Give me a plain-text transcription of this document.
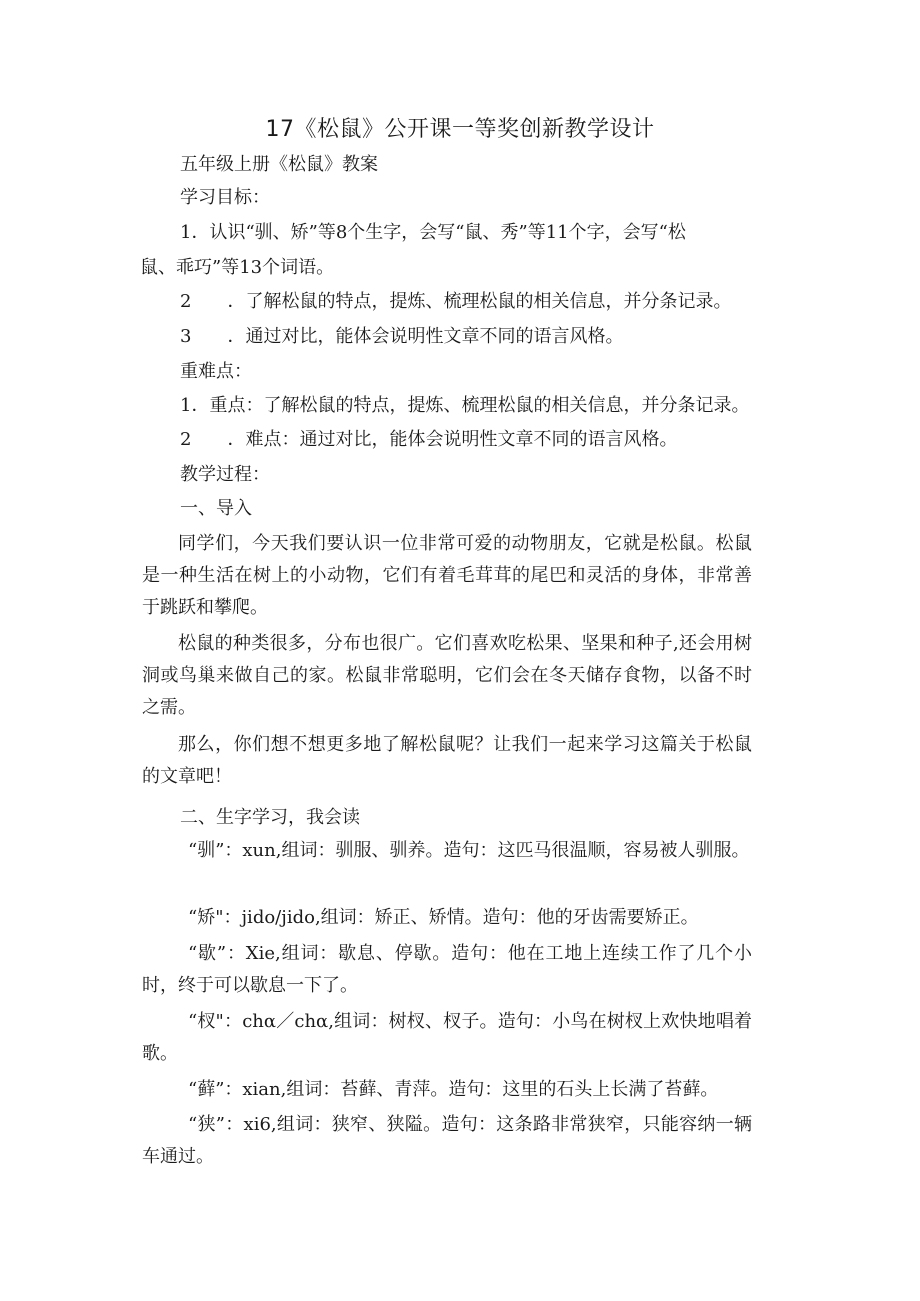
17《松鼠》公开课一等奖创新教学设计
五年级上册《松鼠》教案
学习目标：
1．认识“驯、矫”等8个生字，会写“鼠、秀”等11个字，会写“松
鼠、乖巧”等13个词语。
2　　．了解松鼠的特点，提炼、梳理松鼠的相关信息，并分条记录。
3　　．通过对比，能体会说明性文章不同的语言风格。
重难点：
1．重点：了解松鼠的特点，提炼、梳理松鼠的相关信息，并分条记录。
2　　．难点：通过对比，能体会说明性文章不同的语言风格。
教学过程：
一、导入
同学们，今天我们要认识一位非常可爱的动物朋友，它就是松鼠。松鼠是一种生活在树上的小动物，它们有着毛茸茸的尾巴和灵活的身体，非常善于跳跃和攀爬。
松鼠的种类很多，分布也很广。它们喜欢吃松果、坚果和种子,还会用树洞或鸟巢来做自己的家。松鼠非常聪明，它们会在冬天储存食物，以备不时之需。
那么，你们想不想更多地了解松鼠呢？让我们一起来学习这篇关于松鼠的文章吧！
二、生字学习，我会读
“驯”：xun,组词：驯服、驯养。造句：这匹马很温顺，容易被人驯服。
“矫"：jido/jido,组词：矫正、矫情。造句：他的牙齿需要矫正。
“歇”：Xie,组词：歇息、停歇。造句：他在工地上连续工作了几个小时，终于可以歇息一下了。
“杈"：chα／chα,组词：树杈、杈子。造句：小鸟在树杈上欢快地唱着歌。
“藓”：xian,组词：苔藓、青萍。造句：这里的石头上长满了苔藓。
“狭”：xi6,组词：狭窄、狭隘。造句：这条路非常狭窄，只能容纳一辆车通过。
